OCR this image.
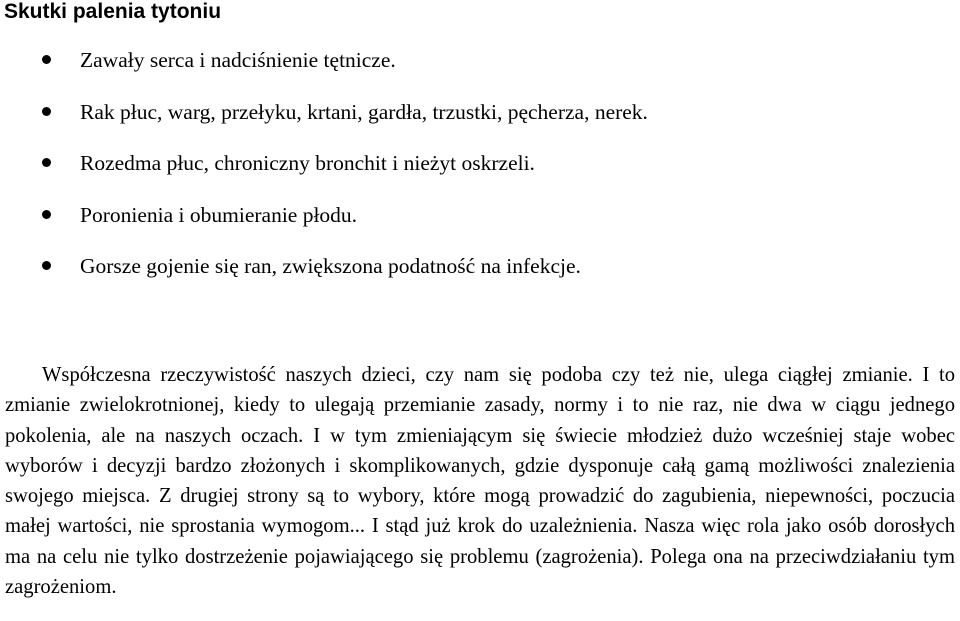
Skutki palenia tytoniu
Zawały serca i nadciśnienie tętnicze.
Rak płuc, warg, przełyku, krtani, gardła, trzustki, pęcherza, nerek.
Rozedma płuc, chroniczny bronchit i nieżyt oskrzeli.
Poronienia i obumieranie płodu.
Gorsze gojenie się ran, zwiększona podatność na infekcje.

Współczesna rzeczywistość naszych dzieci, czy nam się podoba czy też nie, ulega ciągłej zmianie. I to zmianie zwielokrotnionej, kiedy to ulegają przemianie zasady, normy i to nie raz, nie dwa w ciągu jednego pokolenia, ale na naszych oczach. I w tym zmieniającym się świecie młodzież dużo wcześniej staje wobec wyborów i decyzji bardzo złożonych i skomplikowanych, gdzie dysponuje całą gamą możliwości znalezienia swojego miejsca. Z drugiej strony są to wybory, które mogą prowadzić do zagubienia, niepewności, poczucia małej wartości, nie sprostania wymogom... I stąd już krok do uzależnienia. Nasza więc rola jako osób dorosłych ma na celu nie tylko dostrzeżenie pojawiającego się problemu (zagrożenia). Polega ona na przeciwdziałaniu tym zagrożeniom.
